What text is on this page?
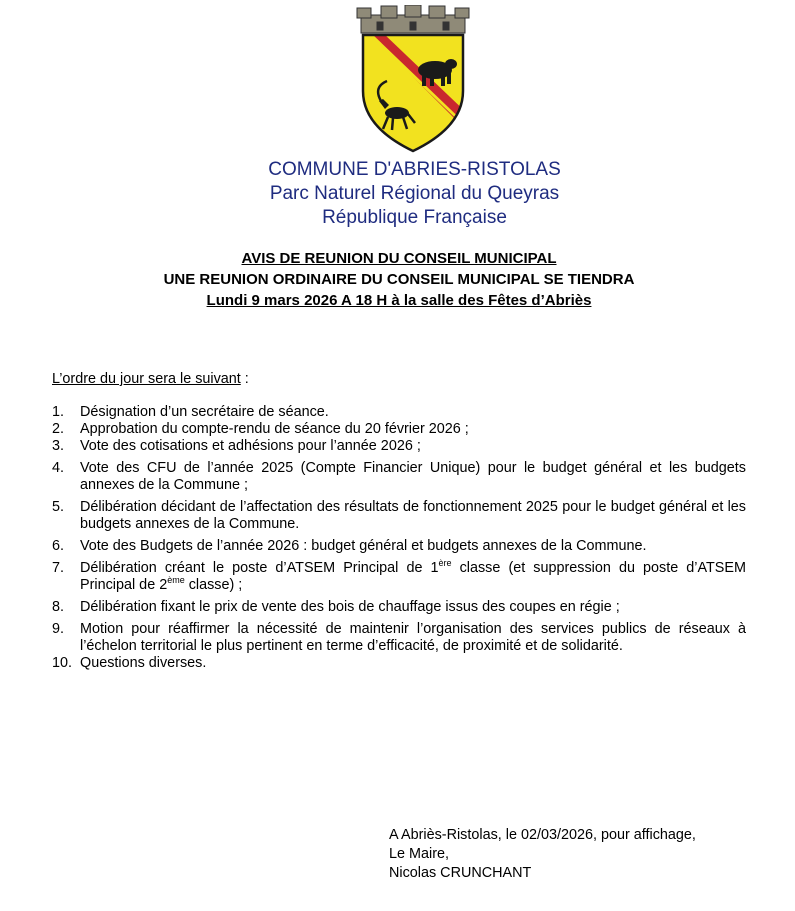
COMMUNE D'ABRIES-RISTOLAS
Parc Naturel Régional du Queyras
République Française
AVIS DE REUNION DU CONSEIL MUNICIPAL
UNE REUNION ORDINAIRE DU CONSEIL MUNICIPAL SE TIENDRA
Lundi 9 mars 2026 A 18 H à la salle des Fêtes d’Abriès
L’ordre du jour sera le suivant :
1. Désignation d’un secrétaire de séance.
2. Approbation du compte-rendu de séance du 20 février 2026 ;
3. Vote des cotisations et adhésions pour l’année 2026 ;
4. Vote des CFU de l’année 2025 (Compte Financier Unique) pour le budget général et les budgets annexes de la Commune ;
5. Délibération décidant de l’affectation des résultats de fonctionnement 2025 pour le budget général et les budgets annexes de la Commune.
6. Vote des Budgets de l’année 2026 : budget général et budgets annexes de la Commune.
7. Délibération créant le poste d’ATSEM Principal de 1ère classe (et suppression du poste d’ATSEM Principal de 2ème classe) ;
8. Délibération fixant le prix de vente des bois de chauffage issus des coupes en régie ;
9. Motion pour réaffirmer la nécessité de maintenir l’organisation des services publics de réseaux à l’échelon territorial le plus pertinent en terme d’efficacité, de proximité et de solidarité.
10. Questions diverses.
A Abriès-Ristolas, le 02/03/2026, pour affichage,
Le Maire,
Nicolas CRUNCHANT
